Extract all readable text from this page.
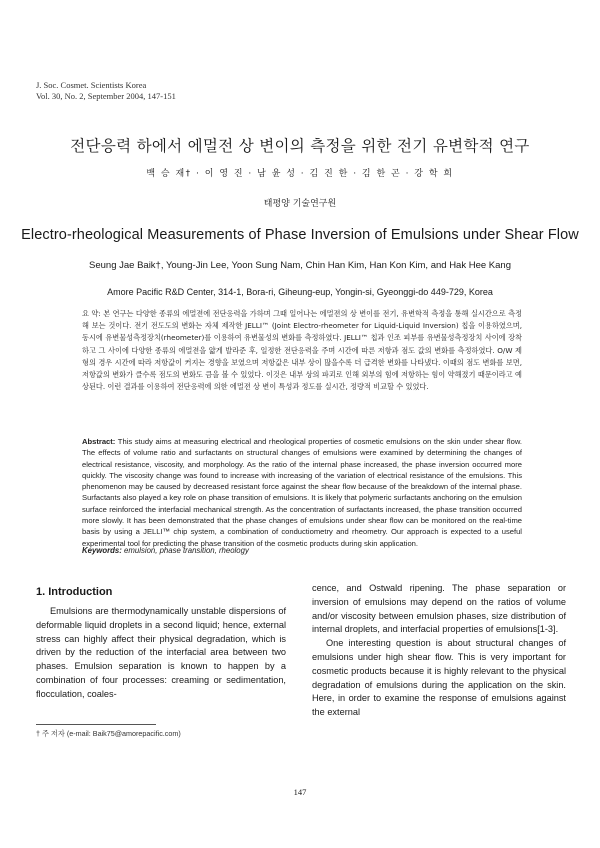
J. Soc. Cosmet. Scientists Korea
Vol. 30, No. 2, September 2004, 147-151
전단응력 하에서 에멀전 상 변이의 측정을 위한 전기 유변학적 연구
백 승 재† · 이 영 진 · 남 윤 성 · 김 진 한 · 김 한 곤 · 강 학 희
태평양 기술연구원
Electro-rheological Measurements of Phase Inversion of Emulsions under Shear Flow
Seung Jae Baik†, Young-Jin Lee, Yoon Sung Nam, Chin Han Kim, Han Kon Kim, and Hak Hee Kang
Amore Pacific R&D Center, 314-1, Bora-ri, Giheung-eup, Yongin-si, Gyeonggi-do 449-729, Korea
요 약: 본 연구는 다양한 종류의 에멀젼에 전단응력을 가하며 그때 일어나는 에멀젼의 상 변이를 전기, 유변학적 측정을 통해 실시간으로 측정해 보는 것이다. 전기 전도도의 변화는 자체 제작한 JELLI™ (Joint Electro-rheometer for Liquid-Liquid Inversion) 칩을 이용하였으며, 동시에 유변물성측정장치(rheometer)를 이용하여 유변물성의 변화를 측정하였다. JELLI™ 칩과 인조 피부를 유변물성측정장치 사이에 장착하고 그 사이에 다양한 종류의 에멀젼을 얇게 발라준 후, 일정한 전단응력을 주며 시간에 따른 저항과 점도 값의 변화를 측정하였다. O/W 제형의 경우 시간에 따라 저항값이 커지는 경향을 보였으며 저항값은 내부 상이 많을수록 더 급격한 변화를 나타냈다. 이때의 점도 변화를 보면, 저항값의 변화가 클수록 점도의 변화도 큼을 볼 수 있었다. 이것은 내부 상의 파괴로 인해 외부의 힘에 저항하는 힘이 약해졌기 때문이라고 예상된다. 이런 결과를 이용하여 전단응력에 의한 에멀젼 상 변이 특성과 정도를 실시간, 정량적 비교할 수 있었다.
Abstract: This study aims at measuring electrical and rheological properties of cosmetic emulsions on the skin under shear flow. The effects of volume ratio and surfactants on structural changes of emulsions were examined by determining the changes of electrical resistance, viscosity, and morphology. As the ratio of the internal phase increased, the phase inversion occurred more quickly. The viscosity change was found to increase with increasing of the variation of electrical resistance of the emulsions. This phenomenon may be caused by decreased resistant force against the shear flow because of the breakdown of the internal phase. Surfactants also played a key role on phase transition of emulsions. It is likely that polymeric surfactants anchoring on the emulsion surface reinforced the interfacial mechanical strength. As the concentration of surfactants increased, the phase transition occurred more slowly. It has been demonstrated that the phase changes of emulsions under shear flow can be monitored on the real-time basis by using a JELLI™ chip system, a combination of conductiometry and rheometry. Our approach is expected to a useful experimental tool for predicting the phase transition of the cosmetic products during skin application.
Keywords: emulsion, phase transition, rheology
1. Introduction

Emulsions are thermodynamically unstable dispersions of deformable liquid droplets in a second liquid; hence, external stress can highly affect their physical degradation, which is driven by the reduction of the interfacial area between two phases. Emulsion separation is known to happen by a combination of four processes: creaming or sedimentation, flocculation, coales-

cence, and Ostwald ripening. The phase separation or inversion of emulsions may depend on the ratios of volume and/or viscosity between emulsion phases, size distribution of internal droplets, and interfacial properties of emulsions[1-3].

One interesting question is about structural changes of emulsions under high shear flow. This is very important for cosmetic products because it is highly relevant to the physical degradation of emulsions during the application on the skin. Here, in order to examine the response of emulsions against the external

† 주 저자 (e-mail: Baik75@amorepacific.com)
147
